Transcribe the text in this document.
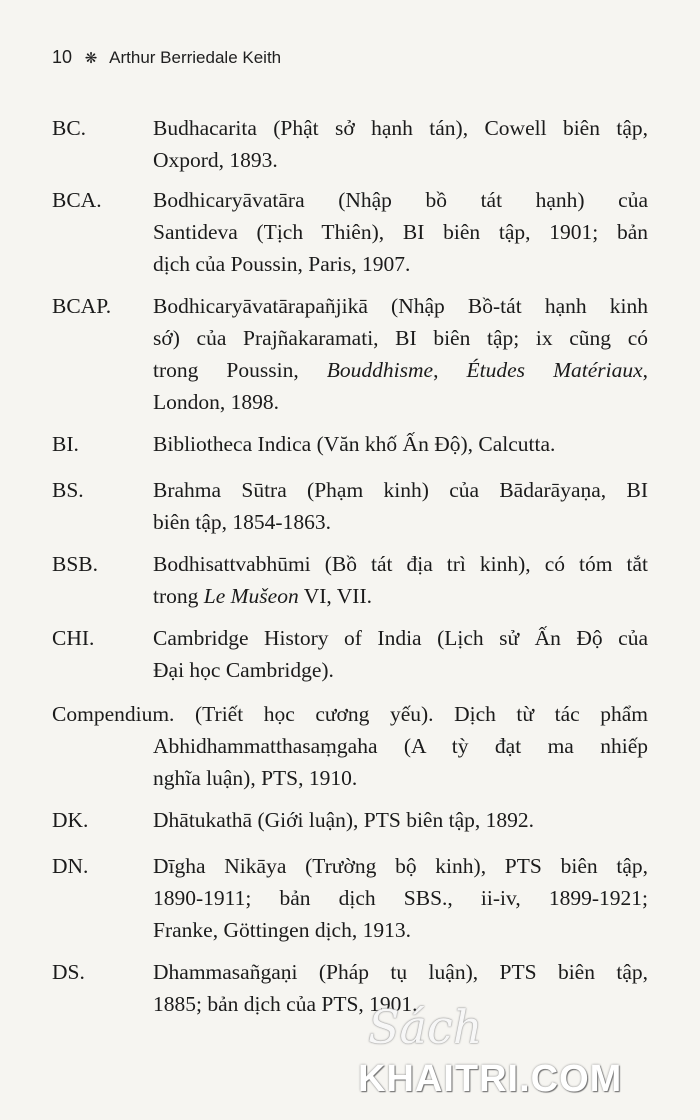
10 ❋ Arthur Berriedale Keith
BC.	Budhacarita (Phật sở hạnh tán), Cowell biên tập,
Oxpord, 1893.
BCA. Bodhicaryāvatāra (Nhập bồ tát hạnh) của
Santideva (Tịch Thiên), BI biên tập, 1901; bản
dịch của Poussin, Paris, 1907.
BCAP. Bodhicaryāvatārapañjikā (Nhập Bồ-tát hạnh kinh
sớ) của Prajñakaramati, BI biên tập; ix cũng có
trong Poussin, Bouddhisme, Études Matériaux,
London, 1898.
BI.	Bibliotheca Indica (Văn khố Ấn Độ), Calcutta.
BS.	Brahma Sūtra (Phạm kinh) của Bādarāyaṇa, BI
biên tập, 1854-1863.
BSB.	Bodhisattvabhūmi (Bồ tát địa trì kinh), có tóm tắt
trong Le Mušeon VI, VII.
CHI.	Cambridge History of India (Lịch sử Ấn Độ của
Đại học Cambridge).
Compendium. (Triết học cương yếu). Dịch từ tác phẩm
Abhidhammatthasaṃgaha (A tỳ đạt ma nhiếp
nghĩa luận), PTS, 1910.
DK.	Dhātukathā (Giới luận), PTS biên tập, 1892.
DN.	Dīgha Nikāya (Trường bộ kinh), PTS biên tập,
1890-1911; bản dịch SBS., ii-iv, 1899-1921;
Franke, Göttingen dịch, 1913.
DS.	Dhammasañgaṇi (Pháp tụ luận), PTS biên tập,
1885; bản dịch của PTS, 1901.
Sách
KHAITRI.COM
